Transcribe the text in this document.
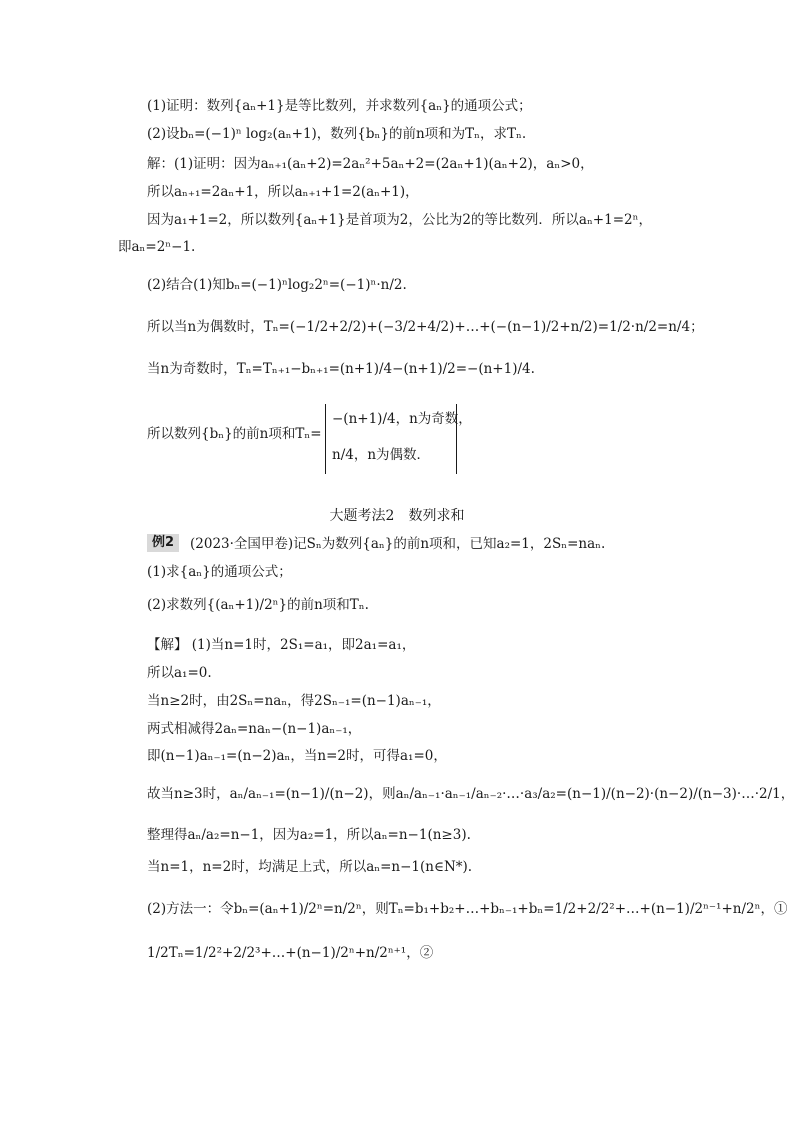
大题考法2　数列求和
例2
(1)证明：数列{aₙ+1}是等比数列，并求数列{aₙ}的通项公式；
(2)设bₙ=(−1)ⁿ log₂(aₙ+1)，数列{bₙ}的前n项和为Tₙ，求Tₙ.
解：(1)证明：因为aₙ₊₁(aₙ+2)=2aₙ²+5aₙ+2=(2aₙ+1)(aₙ+2)，aₙ>0，
所以aₙ₊₁=2aₙ+1，所以aₙ₊₁+1=2(aₙ+1)，
因为a₁+1=2，所以数列{aₙ+1}是首项为2，公比为2的等比数列．所以aₙ+1=2ⁿ，
即aₙ=2ⁿ−1.
(2)结合(1)知bₙ=(−1)ⁿlog₂2ⁿ=(−1)ⁿ·n/2.
所以当n为偶数时，Tₙ=(−1/2+2/2)+(−3/2+4/2)+…+(−(n−1)/2+n/2)=1/2·n/2=n/4；
当n为奇数时，Tₙ=Tₙ₊₁−bₙ₊₁=(n+1)/4−(n+1)/2=−(n+1)/4.
所以数列{bₙ}的前n项和Tₙ=
−(n+1)/4，n为奇数，
n/4，n为偶数．
(2023·全国甲卷)记Sₙ为数列{aₙ}的前n项和，已知a₂=1，2Sₙ=naₙ.
(1)求{aₙ}的通项公式；
(2)求数列{(aₙ+1)/2ⁿ}的前n项和Tₙ.
【解】 (1)当n=1时，2S₁=a₁，即2a₁=a₁，
所以a₁=0.
当n≥2时，由2Sₙ=naₙ，得2Sₙ₋₁=(n−1)aₙ₋₁，
两式相减得2aₙ=naₙ−(n−1)aₙ₋₁，
即(n−1)aₙ₋₁=(n−2)aₙ，当n=2时，可得a₁=0，
故当n≥3时，aₙ/aₙ₋₁=(n−1)/(n−2)，则aₙ/aₙ₋₁·aₙ₋₁/aₙ₋₂·…·a₃/a₂=(n−1)/(n−2)·(n−2)/(n−3)·…·2/1，
整理得aₙ/a₂=n−1，因为a₂=1，所以aₙ=n−1(n≥3).
当n=1，n=2时，均满足上式，所以aₙ=n−1(n∈N*).
(2)方法一：令bₙ=(aₙ+1)/2ⁿ=n/2ⁿ，则Tₙ=b₁+b₂+…+bₙ₋₁+bₙ=1/2+2/2²+…+(n−1)/2ⁿ⁻¹+n/2ⁿ，①
1/2Tₙ=1/2²+2/2³+…+(n−1)/2ⁿ+n/2ⁿ⁺¹，②
